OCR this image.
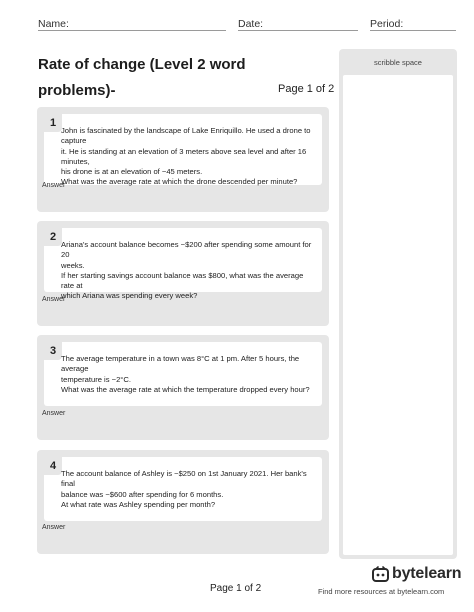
Name:	Date:	Period:
Rate of change (Level 2 word
problems)-	Page 1 of 2
1
John is fascinated by the landscape of Lake Enriquillo. He used a drone to capture
it. He is standing at an elevation of 3 meters above sea level and after 16 minutes,
his drone is at an elevation of −45 meters.
What was the average rate at which the drone descended per minute?
Answer
2
Ariana's account balance becomes −$200 after spending some amount for 20
weeks.
If her starting savings account balance was $800, what was the average rate at
which Ariana was spending every week?
Answer
3
The average temperature in a town was 8°C at 1 pm. After 5 hours, the average
temperature is −2°C.
What was the average rate at which the temperature dropped every hour?
Answer
4
The account balance of Ashley is −$250 on 1st January 2021. Her bank's final
balance was −$600 after spending for 6 months.
At what rate was Ashley spending per month?
Answer
scribble space
Page 1 of 2
bytelearn
Find more resources at bytelearn.com
